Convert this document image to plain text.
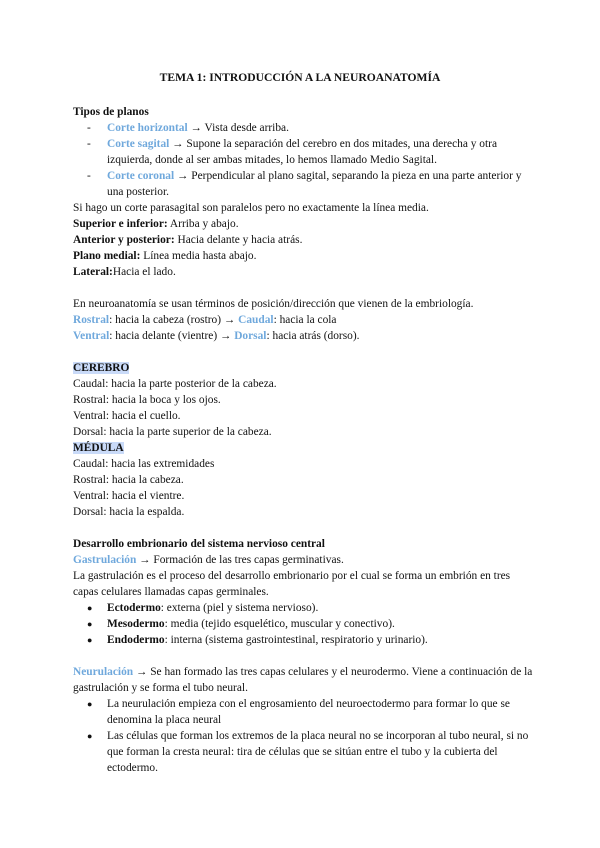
TEMA 1: INTRODUCCIÓN A LA NEUROANATOMÍA

Tipos de planos

- Corte horizontal → Vista desde arriba.
- Corte sagital → Supone la separación del cerebro en dos mitades, una derecha y otra izquierda, donde al ser ambas mitades, lo hemos llamado Medio Sagital.
- Corte coronal → Perpendicular al plano sagital, separando la pieza en una parte anterior y una posterior.

Si hago un corte parasagital son paralelos pero no exactamente la línea media.

Superior e inferior: Arriba y abajo.

Anterior y posterior: Hacia delante y hacia atrás.

Plano medial: Línea media hasta abajo.

Lateral:Hacia el lado.

En neuroanatomía se usan términos de posición/dirección que vienen de la embriología.

Rostral: hacia la cabeza (rostro) → Caudal: hacia la cola

Ventral: hacia delante (vientre) → Dorsal: hacia atrás (dorso).

CEREBRO

Caudal: hacia la parte posterior de la cabeza.

Rostral: hacia la boca y los ojos.

Ventral: hacia el cuello.

Dorsal: hacia la parte superior de la cabeza.

MÉDULA

Caudal: hacia las extremidades

Rostral: hacia la cabeza.

Ventral: hacia el vientre.

Dorsal: hacia la espalda.

Desarrollo embrionario del sistema nervioso central

Gastrulación → Formación de las tres capas germinativas.

La gastrulación es el proceso del desarrollo embrionario por el cual se forma un embrión en tres capas celulares llamadas capas germinales.

● Ectodermo: externa (piel y sistema nervioso).
● Mesodermo: media (tejido esquelético, muscular y conectivo).
● Endodermo: interna (sistema gastrointestinal, respiratorio y urinario).

Neurulación → Se han formado las tres capas celulares y el neurodermo. Viene a continuación de la gastrulación y se forma el tubo neural.

● La neurulación empieza con el engrosamiento del neuroectodermo para formar lo que se denomina la placa neural
● Las células que forman los extremos de la placa neural no se incorporan al tubo neural, si no que forman la cresta neural: tira de células que se sitúan entre el tubo y la cubierta del ectodermo.
